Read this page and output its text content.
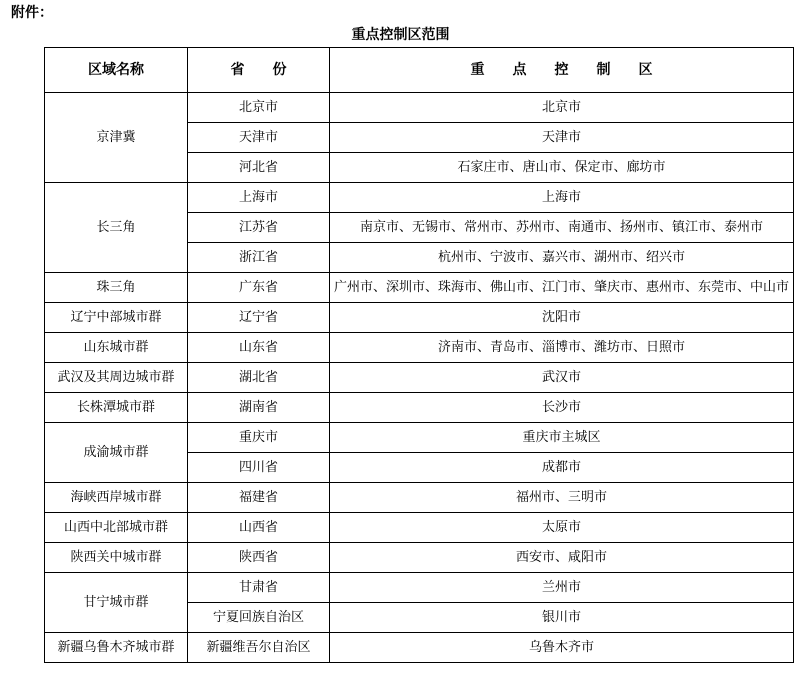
附件：
重点控制区范围
区域名称	省　　份	重　　点　　控　　制　　区
京津冀	北京市	北京市
	天津市	天津市
	河北省	石家庄市、唐山市、保定市、廊坊市
长三角	上海市	上海市
	江苏省	南京市、无锡市、常州市、苏州市、南通市、扬州市、镇江市、泰州市
	浙江省	杭州市、宁波市、嘉兴市、湖州市、绍兴市
珠三角	广东省	广州市、深圳市、珠海市、佛山市、江门市、肇庆市、惠州市、东莞市、中山市
辽宁中部城市群	辽宁省	沈阳市
山东城市群	山东省	济南市、青岛市、淄博市、潍坊市、日照市
武汉及其周边城市群	湖北省	武汉市
长株潭城市群	湖南省	长沙市
成渝城市群	重庆市	重庆市主城区
	四川省	成都市
海峡西岸城市群	福建省	福州市、三明市
山西中北部城市群	山西省	太原市
陕西关中城市群	陕西省	西安市、咸阳市
甘宁城市群	甘肃省	兰州市
	宁夏回族自治区	银川市
新疆乌鲁木齐城市群	新疆维吾尔自治区	乌鲁木齐市
